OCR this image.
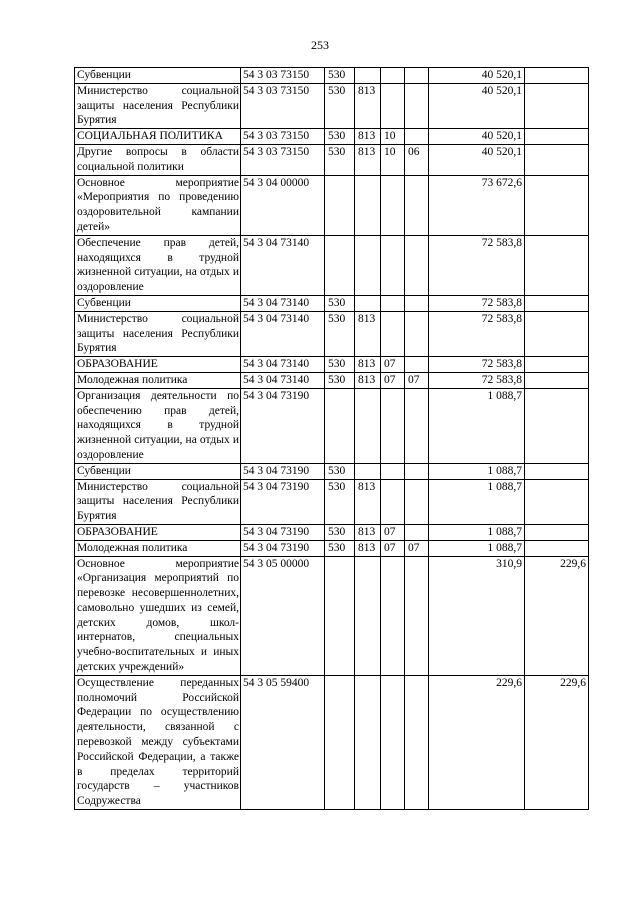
253
Субвенции	54 3 03 73150	530				40 520,1	
Министерство социальной защиты населения Республики Бурятия	54 3 03 73150	530	813			40 520,1	
СОЦИАЛЬНАЯ ПОЛИТИКА	54 3 03 73150	530	813	10		40 520,1	
Другие вопросы в области социальной политики	54 3 03 73150	530	813	10	06	40 520,1	
Основное мероприятие «Мероприятия по проведению оздоровительной кампании детей»	54 3 04 00000					73 672,6	
Обеспечение прав детей, находящихся в трудной жизненной ситуации, на отдых и оздоровление	54 3 04 73140					72 583,8	
Субвенции	54 3 04 73140	530				72 583,8	
Министерство социальной защиты населения Республики Бурятия	54 3 04 73140	530	813			72 583,8	
ОБРАЗОВАНИЕ	54 3 04 73140	530	813	07		72 583,8	
Молодежная политика	54 3 04 73140	530	813	07	07	72 583,8	
Организация деятельности по обеспечению прав детей, находящихся в трудной жизненной ситуации, на отдых и оздоровление	54 3 04 73190					1 088,7	
Субвенции	54 3 04 73190	530				1 088,7	
Министерство социальной защиты населения Республики Бурятия	54 3 04 73190	530	813			1 088,7	
ОБРАЗОВАНИЕ	54 3 04 73190	530	813	07		1 088,7	
Молодежная политика	54 3 04 73190	530	813	07	07	1 088,7	
Основное мероприятие «Организация мероприятий по перевозке несовершеннолетних, самовольно ушедших из семей, детских домов, школ-интернатов, специальных учебно-воспитательных и иных детских учреждений»	54 3 05 00000					310,9	229,6
Осуществление переданных полномочий Российской Федерации по осуществлению деятельности, связанной с перевозкой между субъектами Российской Федерации, а также в пределах территорий государств – участников Содружества	54 3 05 59400					229,6	229,6
